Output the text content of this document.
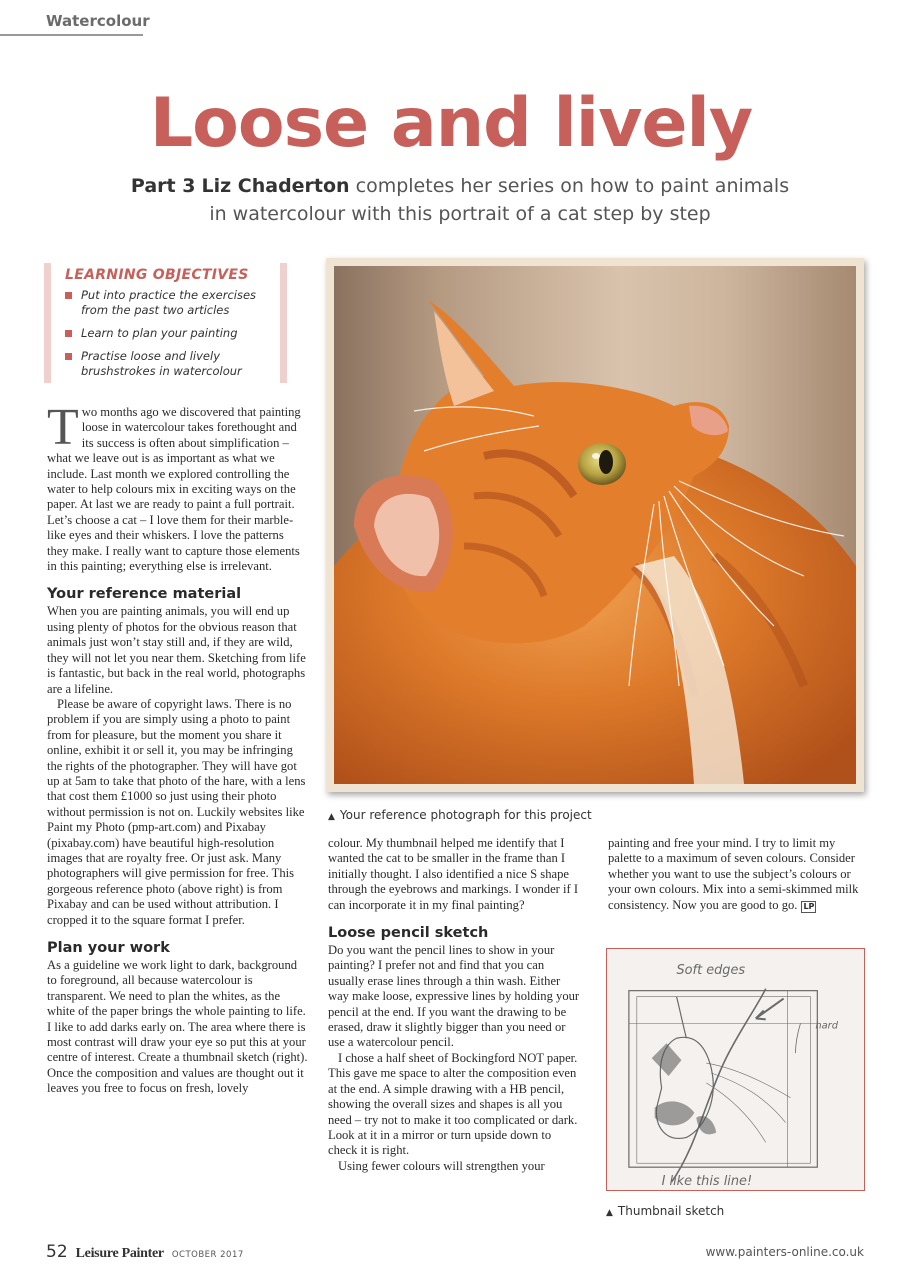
Watercolour
Loose and lively
Part 3 Liz Chaderton completes her series on how to paint animals in watercolour with this portrait of a cat step by step
LEARNING OBJECTIVES
Put into practice the exercises from the past two articles
Learn to plan your painting
Practise loose and lively brushstrokes in watercolour

Two months ago we discovered that painting loose in watercolour takes forethought and its success is often about simplification – what we leave out is as important as what we include. Last month we explored controlling the water to help colours mix in exciting ways on the paper. At last we are ready to paint a full portrait. Let’s choose a cat – I love them for their marble-like eyes and their whiskers. I love the patterns they make. I really want to capture those elements in this painting; everything else is irrelevant.

Your reference material

When you are painting animals, you will end up using plenty of photos for the obvious reason that animals just won’t stay still and, if they are wild, they will not let you near them. Sketching from life is fantastic, but back in the real world, photographs are a lifeline.

Please be aware of copyright laws. There is no problem if you are simply using a photo to paint from for pleasure, but the moment you share it online, exhibit it or sell it, you may be infringing the rights of the photographer. They will have got up at 5am to take that photo of the hare, with a lens that cost them £1000 so just using their photo without permission is not on. Luckily websites like Paint my Photo (pmp-art.com) and Pixabay (pixabay.com) have beautiful high-resolution images that are royalty free. Or just ask. Many photographers will give permission for free. This gorgeous reference photo (above right) is from Pixabay and can be used without attribution. I cropped it to the square format I prefer.

Plan your work

As a guideline we work light to dark, background to foreground, all because watercolour is transparent. We need to plan the whites, as the white of the paper brings the whole painting to life. I like to add darks early on. The area where there is most contrast will draw your eye so put this at your centre of interest. Create a thumbnail sketch (right). Once the composition and values are thought out it leaves you free to focus on fresh, lovely

▲ Your reference photograph for this project

colour. My thumbnail helped me identify that I wanted the cat to be smaller in the frame than I initially thought. I also identified a nice S shape through the eyebrows and markings. I wonder if I can incorporate it in my final painting?

Loose pencil sketch

Do you want the pencil lines to show in your painting? I prefer not and find that you can usually erase lines through a thin wash. Either way make loose, expressive lines by holding your pencil at the end. If you want the drawing to be erased, draw it slightly bigger than you need or use a watercolour pencil.

I chose a half sheet of Bockingford NOT paper. This gave me space to alter the composition even at the end. A simple drawing with a HB pencil, showing the overall sizes and shapes is all you need – try not to make it too complicated or dark. Look at it in a mirror or turn upside down to check it is right.

Using fewer colours will strengthen your

painting and free your mind. I try to limit my palette to a maximum of seven colours. Consider whether you want to use the subject’s colours or your own colours. Mix into a semi-skimmed milk consistency. Now you are good to go. LP

Soft edges
hard
I like this line!
▲ Thumbnail sketch
52 Leisure Painter OCTOBER 2017	www.painters-online.co.uk
